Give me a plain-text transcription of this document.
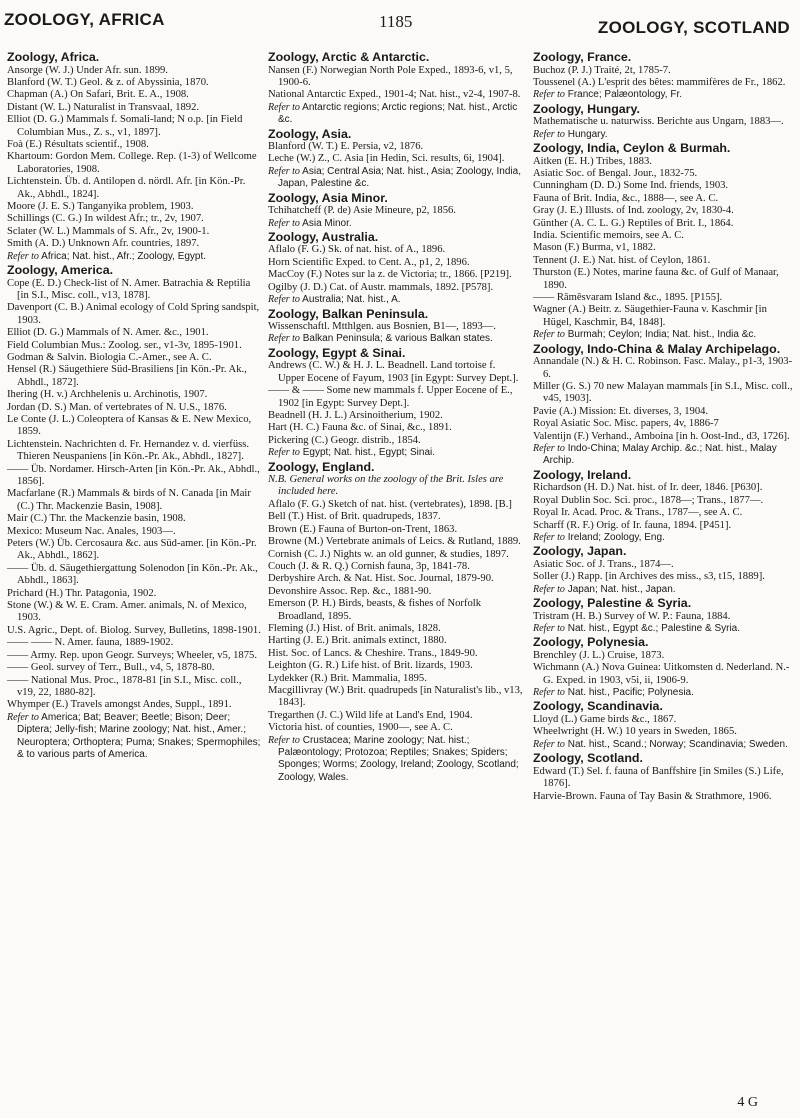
ZOOLOGY, AFRICA	1185	ZOOLOGY, SCOTLAND

Zoology, Africa.

Ansorge (W. J.) Under Afr. sun. 1899.

Blanford (W. T.) Geol. & z. of Abyssinia, 1870.

Chapman (A.) On Safari, Brit. E. A., 1908.

Distant (W. L.) Naturalist in Transvaal, 1892.

Elliot (D. G.) Mammals f. Somali-land; N o.p. [in Field Columbian Mus., Z. s., v1, 1897].

Foà (E.) Résultats scientif., 1908.

Khartoum: Gordon Mem. College. Rep. (1-3) of Wellcome Laboratories, 1908.

Lichtenstein. Üb. d. Antilopen d. nördl. Afr. [in Kön.-Pr. Ak., Abhdl., 1824].

Moore (J. E. S.) Tanganyika problem, 1903.

Schillings (C. G.) In wildest Afr.; tr., 2v, 1907.

Sclater (W. L.) Mammals of S. Afr., 2v, 1900-1.

Smith (A. D.) Unknown Afr. countries, 1897.

Refer to Africa; Nat. hist., Afr.; Zoology, Egypt.

Zoology, America.

Cope (E. D.) Check-list of N. Amer. Batrachia & Reptilia [in S.I., Misc. coll., v13, 1878].

Davenport (C. B.) Animal ecology of Cold Spring sandspit, 1903.

Elliot (D. G.) Mammals of N. Amer. &c., 1901.

Field Columbian Mus.: Zoolog. ser., v1-3v, 1895-1901.

Godman & Salvin. Biologia C.-Amer., see A. C.

Hensel (R.) Säugethiere Süd-Brasiliens [in Kön.-Pr. Ak., Abhdl., 1872].

Ihering (H. v.) Archhelenis u. Archinotis, 1907.

Jordan (D. S.) Man. of vertebrates of N. U.S., 1876.

Le Conte (J. L.) Coleoptera of Kansas & E. New Mexico, 1859.

Lichtenstein. Nachrichten d. Fr. Hernandez v. d. vierfüss. Thieren Neuspaniens [in Kön.-Pr. Ak., Abhdl., 1827].

—— Üb. Nordamer. Hirsch-Arten [in Kön.-Pr. Ak., Abhdl., 1856].

Macfarlane (R.) Mammals & birds of N. Canada [in Mair (C.) Thr. Mackenzie Basin, 1908].

Mair (C.) Thr. the Mackenzie basin, 1908.

Mexico: Museum Nac. Anales, 1903—.

Peters (W.) Üb. Cercosaura &c. aus Süd-amer. [in Kön.-Pr. Ak., Abhdl., 1862].

—— Üb. d. Säugethiergattung Solenodon [in Kön.-Pr. Ak., Abhdl., 1863].

Prichard (H.) Thr. Patagonia, 1902.

Stone (W.) & W. E. Cram. Amer. animals, N. of Mexico, 1903.

U.S. Agric., Dept. of. Biolog. Survey, Bulletins, 1898-1901.

—— —— N. Amer. fauna, 1889-1902.

—— Army. Rep. upon Geogr. Surveys; Wheeler, v5, 1875.

—— Geol. survey of Terr., Bull., v4, 5, 1878-80.

—— National Mus. Proc., 1878-81 [in S.I., Misc. coll., v19, 22, 1880-82].

Whymper (E.) Travels amongst Andes, Suppl., 1891.

Refer to America; Bat; Beaver; Beetle; Bison; Deer; Diptera; Jelly-fish; Marine zoology; Nat. hist., Amer.; Neuroptera; Orthoptera; Puma; Snakes; Spermophiles; & to various parts of America.

Zoology, Arctic & Antarctic.

Nansen (F.) Norwegian North Pole Exped., 1893-6, v1, 5, 1900-6.

National Antarctic Exped., 1901-4; Nat. hist., v2-4, 1907-8.

Refer to Antarctic regions; Arctic regions; Nat. hist., Arctic &c.

Zoology, Asia.

Blanford (W. T.) E. Persia, v2, 1876.

Leche (W.) Z., C. Asia [in Hedin, Sci. results, 6i, 1904].

Refer to Asia; Central Asia; Nat. hist., Asia; Zoology, India, Japan, Palestine &c.

Zoology, Asia Minor.

Tchihatcheff (P. de) Asie Mineure, p2, 1856.

Refer to Asia Minor.

Zoology, Australia.

Aflalo (F. G.) Sk. of nat. hist. of A., 1896.

Horn Scientific Exped. to Cent. A., p1, 2, 1896.

MacCoy (F.) Notes sur la z. de Victoria; tr., 1866. [P219].

Ogilby (J. D.) Cat. of Austr. mammals, 1892. [P578].

Refer to Australia; Nat. hist., A.

Zoology, Balkan Peninsula.

Wissenschaftl. Mtthlgen. aus Bosnien, B1—, 1893—.

Refer to Balkan Peninsula; & various Balkan states.

Zoology, Egypt & Sinai.

Andrews (C. W.) & H. J. L. Beadnell. Land tortoise f. Upper Eocene of Fayum, 1903 [in Egypt: Survey Dept.].

—— & —— Some new mammals f. Upper Eocene of E., 1902 [in Egypt: Survey Dept.].

Beadnell (H. J. L.) Arsinoitherium, 1902.

Hart (H. C.) Fauna &c. of Sinai, &c., 1891.

Pickering (C.) Geogr. distrib., 1854.

Refer to Egypt; Nat. hist., Egypt; Sinai.

Zoology, England.

N.B. General works on the zoology of the Brit. Isles are included here.

Aflalo (F. G.) Sketch of nat. hist. (vertebrates), 1898. [B.]

Bell (T.) Hist. of Brit. quadrupeds, 1837.

Brown (E.) Fauna of Burton-on-Trent, 1863.

Browne (M.) Vertebrate animals of Leics. & Rutland, 1889.

Cornish (C. J.) Nights w. an old gunner, & studies, 1897.

Couch (J. & R. Q.) Cornish fauna, 3p, 1841-78.

Derbyshire Arch. & Nat. Hist. Soc. Journal, 1879-90.

Devonshire Assoc. Rep. &c., 1881-90.

Emerson (P. H.) Birds, beasts, & fishes of Norfolk Broadland, 1895.

Fleming (J.) Hist. of Brit. animals, 1828.

Harting (J. E.) Brit. animals extinct, 1880.

Hist. Soc. of Lancs. & Cheshire. Trans., 1849-90.

Leighton (G. R.) Life hist. of Brit. lizards, 1903.

Lydekker (R.) Brit. Mammalia, 1895.

Macgillivray (W.) Brit. quadrupeds [in Naturalist's lib., v13, 1843].

Tregarthen (J. C.) Wild life at Land's End, 1904.

Victoria hist. of counties, 1900—, see A. C.

Refer to Crustacea; Marine zoology; Nat. hist.; Palæontology; Protozoa; Reptiles; Snakes; Spiders; Sponges; Worms; Zoology, Ireland; Zoology, Scotland; Zoology, Wales.

Zoology, France.

Buchoz (P. J.) Traité, 2t, 1785-7.

Toussenel (A.) L'esprit des bêtes: mammifères de Fr., 1862.

Refer to France; Palæontology, Fr.

Zoology, Hungary.

Mathematische u. naturwiss. Berichte aus Ungarn, 1883—.

Refer to Hungary.

Zoology, India, Ceylon & Burmah.

Aitken (E. H.) Tribes, 1883.

Asiatic Soc. of Bengal. Jour., 1832-75.

Cunningham (D. D.) Some Ind. friends, 1903.

Fauna of Brit. India, &c., 1888—, see A. C.

Gray (J. E.) Illusts. of Ind. zoology, 2v, 1830-4.

Günther (A. C. L. G.) Reptiles of Brit. I., 1864.

India. Scientific memoirs, see A. C.

Mason (F.) Burma, v1, 1882.

Tennent (J. E.) Nat. hist. of Ceylon, 1861.

Thurston (E.) Notes, marine fauna &c. of Gulf of Manaar, 1890.

—— Rāmēsvaram Island &c., 1895. [P155].

Wagner (A.) Beitr. z. Säugethier-Fauna v. Kaschmir [in Hügel, Kaschmir, B4, 1848].

Refer to Burmah; Ceylon; India; Nat. hist., India &c.

Zoology, Indo-China & Malay Archipelago.

Annandale (N.) & H. C. Robinson. Fasc. Malay., p1-3, 1903-6.

Miller (G. S.) 70 new Malayan mammals [in S.I., Misc. coll., v45, 1903].

Pavie (A.) Mission: Et. diverses, 3, 1904.

Royal Asiatic Soc. Misc. papers, 4v, 1886-7

Valentijn (F.) Verhand., Amboina [in h. Oost-Ind., d3, 1726].

Refer to Indo-China; Malay Archip. &c.; Nat. hist., Malay Archip.

Zoology, Ireland.

Richardson (H. D.) Nat. hist. of Ir. deer, 1846. [P630].

Royal Dublin Soc. Sci. proc., 1878—; Trans., 1877—.

Royal Ir. Acad. Proc. & Trans., 1787—, see A. C.

Scharff (R. F.) Orig. of Ir. fauna, 1894. [P451].

Refer to Ireland; Zoology, Eng.

Zoology, Japan.

Asiatic Soc. of J. Trans., 1874—.

Soller (J.) Rapp. [in Archives des miss., s3, t15, 1889].

Refer to Japan; Nat. hist., Japan.

Zoology, Palestine & Syria.

Tristram (H. B.) Survey of W. P.: Fauna, 1884.

Refer to Nat. hist., Egypt &c.; Palestine & Syria.

Zoology, Polynesia.

Brenchley (J. L.) Cruise, 1873.

Wichmann (A.) Nova Guinea: Uitkomsten d. Nederland. N.-G. Exped. in 1903, v5i, ii, 1906-9.

Refer to Nat. hist., Pacific; Polynesia.

Zoology, Scandinavia.

Lloyd (L.) Game birds &c., 1867.

Wheelwright (H. W.) 10 years in Sweden, 1865.

Refer to Nat. hist., Scand.; Norway; Scandinavia; Sweden.

Zoology, Scotland.

Edward (T.) Sel. f. fauna of Banffshire [in Smiles (S.) Life, 1876].

Harvie-Brown. Fauna of Tay Basin & Strathmore, 1906.

4 G
